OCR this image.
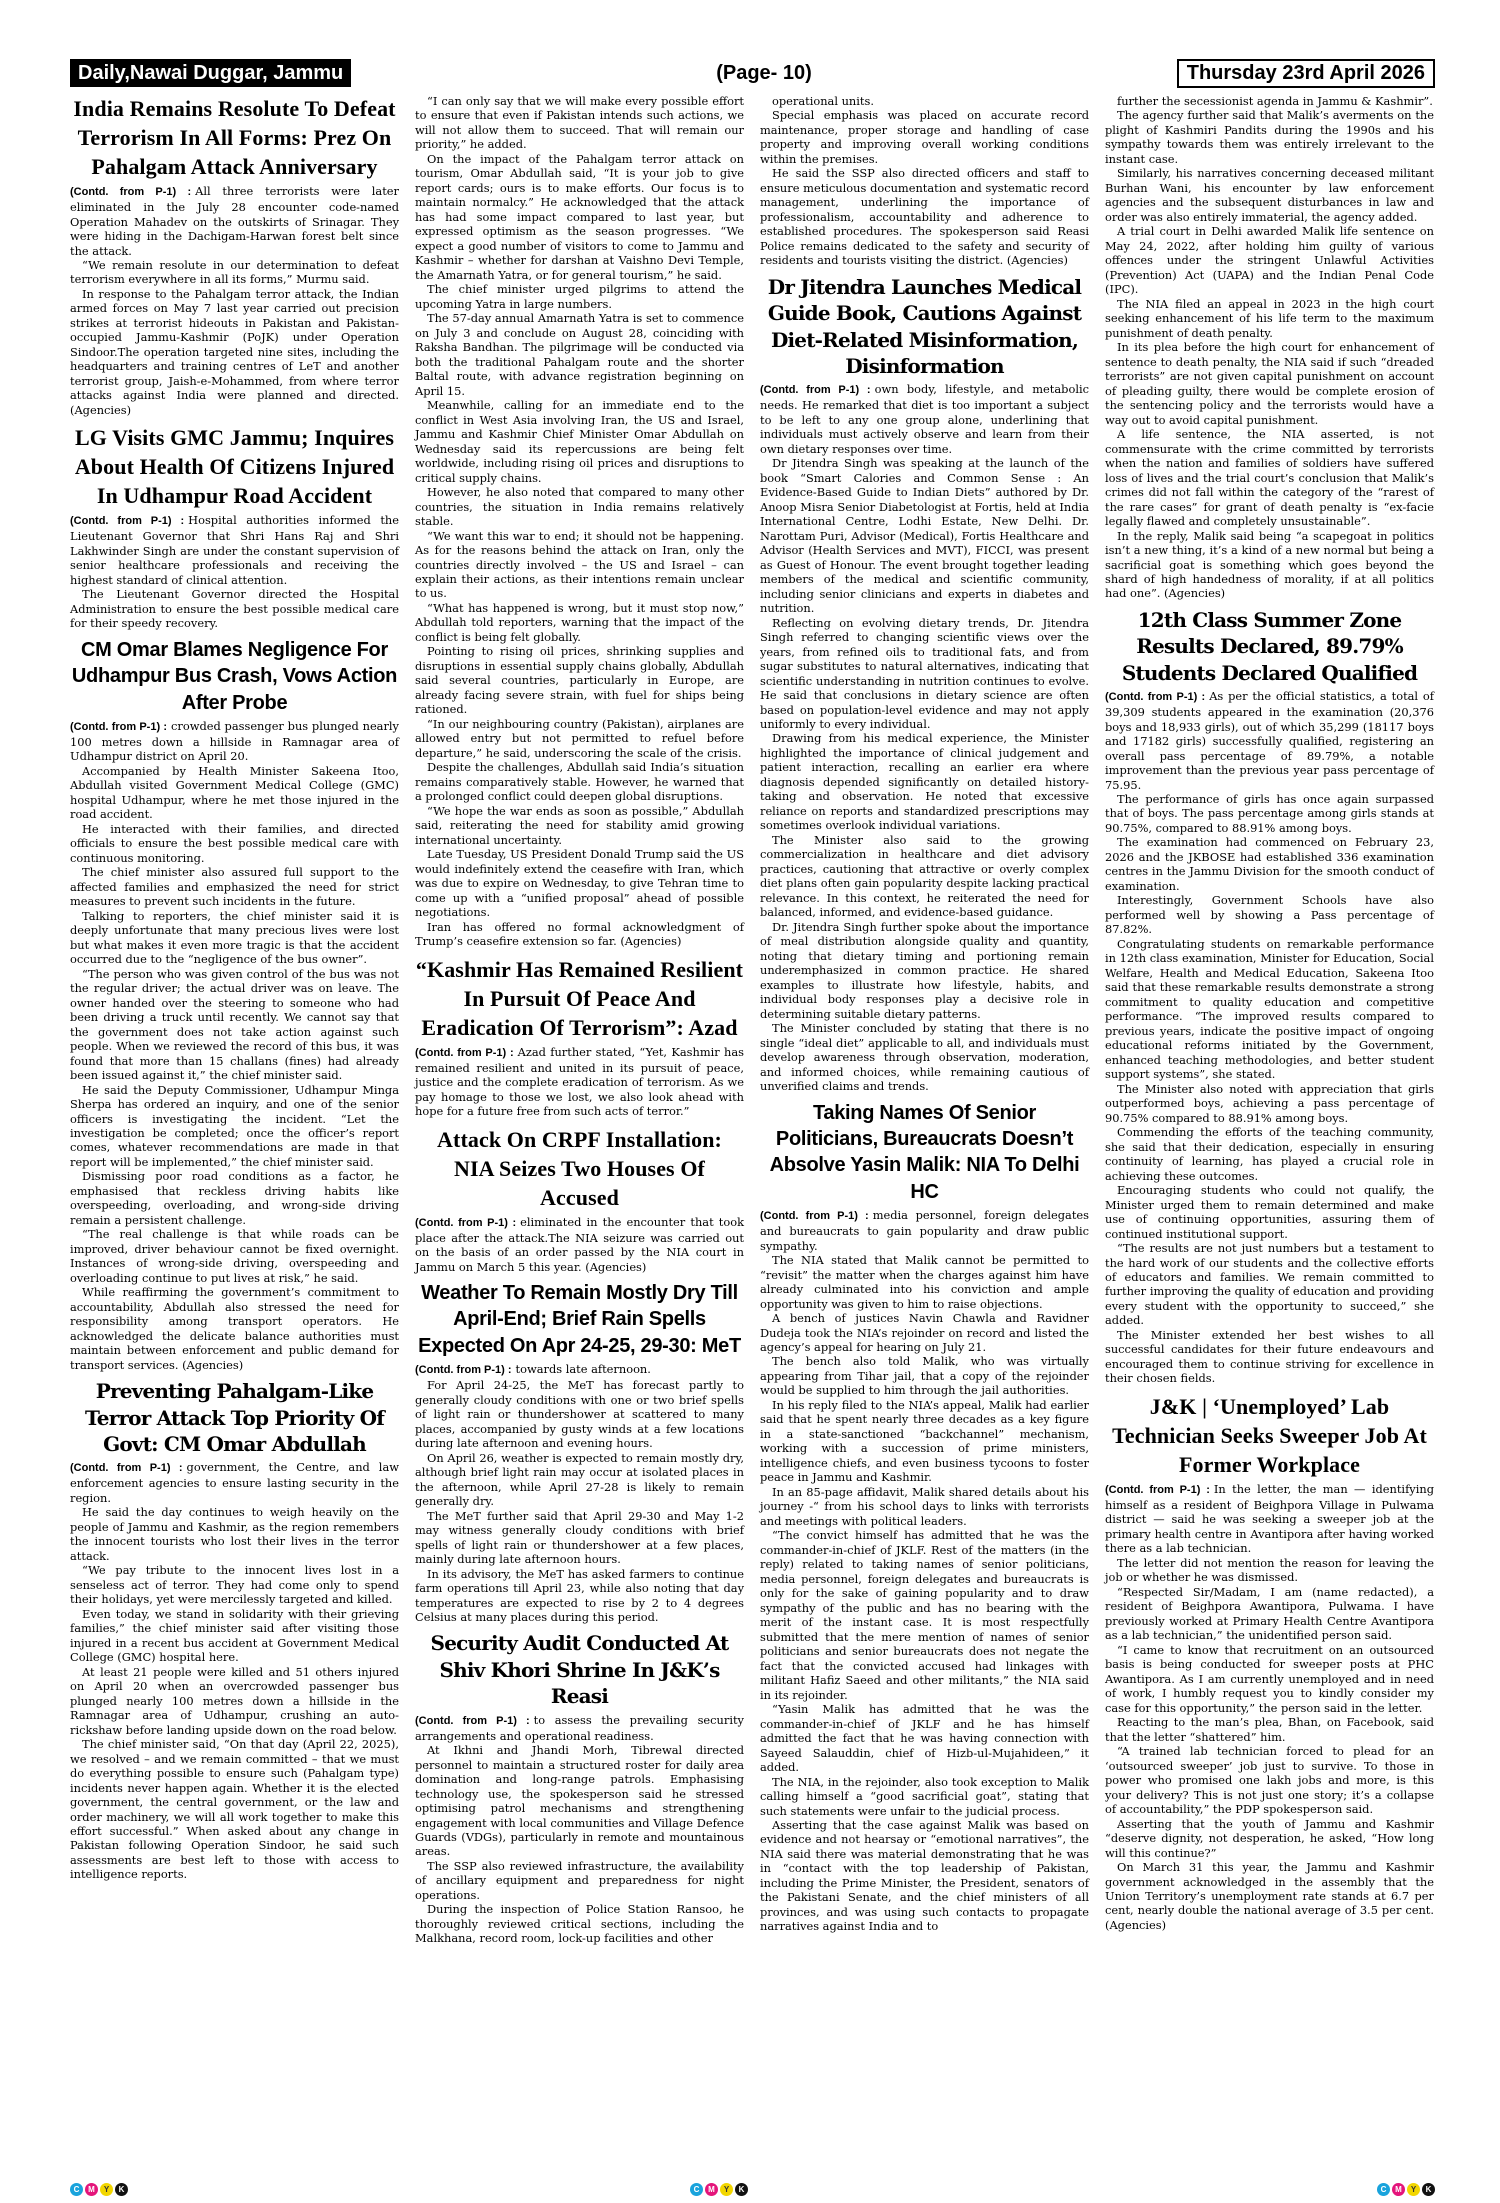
Daily,Nawai Duggar, Jammu	(Page- 10)	Thursday 23rd April 2026
India Remains Resolute To Defeat Terrorism In All Forms: Prez On Pahalgam Attack Anniversary

(Contd. from P-1) : All three terrorists were later eliminated in the July 28 encounter code-named Operation Mahadev on the outskirts of Srinagar. They were hiding in the Dachigam-Harwan forest belt since the attack.

“We remain resolute in our determination to defeat terrorism everywhere in all its forms,” Murmu said.

In response to the Pahalgam terror attack, the Indian armed forces on May 7 last year carried out precision strikes at terrorist hideouts in Pakistan and Pakistan-occupied Jammu-Kashmir (PoJK) under Operation Sindoor.The operation targeted nine sites, including the headquarters and training centres of LeT and another terrorist group, Jaish-e-Mohammed, from where terror attacks against India were planned and directed. (Agencies)

LG Visits GMC Jammu; Inquires About Health Of Citizens Injured In Udhampur Road Accident

(Contd. from P-1) : Hospital authorities informed the Lieutenant Governor that Shri Hans Raj and Shri Lakhwinder Singh are under the constant supervision of senior healthcare professionals and receiving the highest standard of clinical attention.

The Lieutenant Governor directed the Hospital Administration to ensure the best possible medical care for their speedy recovery.

CM Omar Blames Negligence For Udhampur Bus Crash, Vows Action After Probe

(Contd. from P-1) : crowded passenger bus plunged nearly 100 metres down a hillside in Ramnagar area of Udhampur district on April 20.

Accompanied by Health Minister Sakeena Itoo, Abdullah visited Government Medical College (GMC) hospital Udhampur, where he met those injured in the road accident.

He interacted with their families, and directed officials to ensure the best possible medical care with continuous monitoring.

The chief minister also assured full support to the affected families and emphasized the need for strict measures to prevent such incidents in the future.

Talking to reporters, the chief minister said it is deeply unfortunate that many precious lives were lost but what makes it even more tragic is that the accident occurred due to the “negligence of the bus owner”.

“The person who was given control of the bus was not the regular driver; the actual driver was on leave. The owner handed over the steering to someone who had been driving a truck until recently. We cannot say that the government does not take action against such people. When we reviewed the record of this bus, it was found that more than 15 challans (fines) had already been issued against it,” the chief minister said.

He said the Deputy Commissioner, Udhampur Minga Sherpa has ordered an inquiry, and one of the senior officers is investigating the incident. “Let the investigation be completed; once the officer’s report comes, whatever recommendations are made in that report will be implemented,” the chief minister said.

Dismissing poor road conditions as a factor, he emphasised that reckless driving habits like overspeeding, overloading, and wrong-side driving remain a persistent challenge.

“The real challenge is that while roads can be improved, driver behaviour cannot be fixed overnight. Instances of wrong-side driving, overspeeding and overloading continue to put lives at risk,” he said.

While reaffirming the government’s commitment to accountability, Abdullah also stressed the need for responsibility among transport operators. He acknowledged the delicate balance authorities must maintain between enforcement and public demand for transport services. (Agencies)

Preventing Pahalgam-Like Terror Attack Top Priority Of Govt: CM Omar Abdullah

(Contd. from P-1) : government, the Centre, and law enforcement agencies to ensure lasting security in the region.

He said the day continues to weigh heavily on the people of Jammu and Kashmir, as the region remembers the innocent tourists who lost their lives in the terror attack.

“We pay tribute to the innocent lives lost in a senseless act of terror. They had come only to spend their holidays, yet were mercilessly targeted and killed.

Even today, we stand in solidarity with their grieving families,” the chief minister said after visiting those injured in a recent bus accident at Government Medical College (GMC) hospital here.

At least 21 people were killed and 51 others injured on April 20 when an overcrowded passenger bus plunged nearly 100 metres down a hillside in the Ramnagar area of Udhampur, crushing an auto-rickshaw before landing upside down on the road below.

The chief minister said, “On that day (April 22, 2025), we resolved – and we remain committed – that we must do everything possible to ensure such (Pahalgam type) incidents never happen again. Whether it is the elected government, the central government, or the law and order machinery, we will all work together to make this effort successful.” When asked about any change in Pakistan following Operation Sindoor, he said such assessments are best left to those with access to intelligence reports.

“I can only say that we will make every possible effort to ensure that even if Pakistan intends such actions, we will not allow them to succeed. That will remain our priority,” he added.

On the impact of the Pahalgam terror attack on tourism, Omar Abdullah said, “It is your job to give report cards; ours is to make efforts. Our focus is to maintain normalcy.” He acknowledged that the attack has had some impact compared to last year, but expressed optimism as the season progresses. “We expect a good number of visitors to come to Jammu and Kashmir – whether for darshan at Vaishno Devi Temple, the Amarnath Yatra, or for general tourism,” he said.

The chief minister urged pilgrims to attend the upcoming Yatra in large numbers.

The 57-day annual Amarnath Yatra is set to commence on July 3 and conclude on August 28, coinciding with Raksha Bandhan. The pilgrimage will be conducted via both the traditional Pahalgam route and the shorter Baltal route, with advance registration beginning on April 15.

Meanwhile, calling for an immediate end to the conflict in West Asia involving Iran, the US and Israel, Jammu and Kashmir Chief Minister Omar Abdullah on Wednesday said its repercussions are being felt worldwide, including rising oil prices and disruptions to critical supply chains.

However, he also noted that compared to many other countries, the situation in India remains relatively stable.

“We want this war to end; it should not be happening. As for the reasons behind the attack on Iran, only the countries directly involved – the US and Israel – can explain their actions, as their intentions remain unclear to us.

“What has happened is wrong, but it must stop now,” Abdullah told reporters, warning that the impact of the conflict is being felt globally.

Pointing to rising oil prices, shrinking supplies and disruptions in essential supply chains globally, Abdullah said several countries, particularly in Europe, are already facing severe strain, with fuel for ships being rationed.

“In our neighbouring country (Pakistan), airplanes are allowed entry but not permitted to refuel before departure,” he said, underscoring the scale of the crisis.

Despite the challenges, Abdullah said India’s situation remains comparatively stable. However, he warned that a prolonged conflict could deepen global disruptions.

“We hope the war ends as soon as possible,” Abdullah said, reiterating the need for stability amid growing international uncertainty.

Late Tuesday, US President Donald Trump said the US would indefinitely extend the ceasefire with Iran, which was due to expire on Wednesday, to give Tehran time to come up with a “unified proposal” ahead of possible negotiations.

Iran has offered no formal acknowledgment of Trump’s ceasefire extension so far. (Agencies)

“Kashmir Has Remained Resilient In Pursuit Of Peace And Eradication Of Terrorism”: Azad

(Contd. from P-1) : Azad further stated, “Yet, Kashmir has remained resilient and united in its pursuit of peace, justice and the complete eradication of terrorism. As we pay homage to those we lost, we also look ahead with hope for a future free from such acts of terror.”

Attack On CRPF Installation: NIA Seizes Two Houses Of Accused

(Contd. from P-1) : eliminated in the encounter that took place after the attack.The NIA seizure was carried out on the basis of an order passed by the NIA court in Jammu on March 5 this year. (Agencies)

Weather To Remain Mostly Dry Till April-End; Brief Rain Spells Expected On Apr 24-25, 29-30: MeT

(Contd. from P-1) : towards late afternoon.

For April 24-25, the MeT has forecast partly to generally cloudy conditions with one or two brief spells of light rain or thundershower at scattered to many places, accompanied by gusty winds at a few locations during late afternoon and evening hours.

On April 26, weather is expected to remain mostly dry, although brief light rain may occur at isolated places in the afternoon, while April 27-28 is likely to remain generally dry.

The MeT further said that April 29-30 and May 1-2 may witness generally cloudy conditions with brief spells of light rain or thundershower at a few places, mainly during late afternoon hours.

In its advisory, the MeT has asked farmers to continue farm operations till April 23, while also noting that day temperatures are expected to rise by 2 to 4 degrees Celsius at many places during this period.

Security Audit Conducted At Shiv Khori Shrine In J&K’s Reasi

(Contd. from P-1) : to assess the prevailing security arrangements and operational readiness.

At Ikhni and Jhandi Morh, Tibrewal directed personnel to maintain a structured roster for daily area domination and long-range patrols. Emphasising technology use, the spokesperson said he stressed optimising patrol mechanisms and strengthening engagement with local communities and Village Defence Guards (VDGs), particularly in remote and mountainous areas.

The SSP also reviewed infrastructure, the availability of ancillary equipment and preparedness for night operations.

During the inspection of Police Station Ransoo, he thoroughly reviewed critical sections, including the Malkhana, record room, lock-up facilities and other

operational units.

Special emphasis was placed on accurate record maintenance, proper storage and handling of case property and improving overall working conditions within the premises.

He said the SSP also directed officers and staff to ensure meticulous documentation and systematic record management, underlining the importance of professionalism, accountability and adherence to established procedures. The spokesperson said Reasi Police remains dedicated to the safety and security of residents and tourists visiting the district. (Agencies)

Dr Jitendra Launches Medical Guide Book, Cautions Against Diet-Related Misinformation, Disinformation

(Contd. from P-1) : own body, lifestyle, and metabolic needs. He remarked that diet is too important a subject to be left to any one group alone, underlining that individuals must actively observe and learn from their own dietary responses over time.

Dr Jitendra Singh was speaking at the launch of the book “Smart Calories and Common Sense : An Evidence-Based Guide to Indian Diets” authored by Dr. Anoop Misra Senior Diabetologist at Fortis, held at India International Centre, Lodhi Estate, New Delhi. Dr. Narottam Puri, Advisor (Medical), Fortis Healthcare and Advisor (Health Services and MVT), FICCI, was present as Guest of Honour. The event brought together leading members of the medical and scientific community, including senior clinicians and experts in diabetes and nutrition.

Reflecting on evolving dietary trends, Dr. Jitendra Singh referred to changing scientific views over the years, from refined oils to traditional fats, and from sugar substitutes to natural alternatives, indicating that scientific understanding in nutrition continues to evolve. He said that conclusions in dietary science are often based on population-level evidence and may not apply uniformly to every individual.

Drawing from his medical experience, the Minister highlighted the importance of clinical judgement and patient interaction, recalling an earlier era where diagnosis depended significantly on detailed history-taking and observation. He noted that excessive reliance on reports and standardized prescriptions may sometimes overlook individual variations.

The Minister also said to the growing commercialization in healthcare and diet advisory practices, cautioning that attractive or overly complex diet plans often gain popularity despite lacking practical relevance. In this context, he reiterated the need for balanced, informed, and evidence-based guidance.

Dr. Jitendra Singh further spoke about the importance of meal distribution alongside quality and quantity, noting that dietary timing and portioning remain underemphasized in common practice. He shared examples to illustrate how lifestyle, habits, and individual body responses play a decisive role in determining suitable dietary patterns.

The Minister concluded by stating that there is no single “ideal diet” applicable to all, and individuals must develop awareness through observation, moderation, and informed choices, while remaining cautious of unverified claims and trends.

Taking Names Of Senior Politicians, Bureaucrats Doesn’t Absolve Yasin Malik: NIA To Delhi HC

(Contd. from P-1) : media personnel, foreign delegates and bureaucrats to gain popularity and draw public sympathy.

The NIA stated that Malik cannot be permitted to “revisit” the matter when the charges against him have already culminated into his conviction and ample opportunity was given to him to raise objections.

A bench of justices Navin Chawla and Ravidner Dudeja took the NIA’s rejoinder on record and listed the agency’s appeal for hearing on July 21.

The bench also told Malik, who was virtually appearing from Tihar jail, that a copy of the rejoinder would be supplied to him through the jail authorities.

In his reply filed to the NIA’s appeal, Malik had earlier said that he spent nearly three decades as a key figure in a state-sanctioned “backchannel” mechanism, working with a succession of prime ministers, intelligence chiefs, and even business tycoons to foster peace in Jammu and Kashmir.

In an 85-page affidavit, Malik shared details about his journey -“ from his school days to links with terrorists and meetings with political leaders.

“The convict himself has admitted that he was the commander-in-chief of JKLF. Rest of the matters (in the reply) related to taking names of senior politicians, media personnel, foreign delegates and bureaucrats is only for the sake of gaining popularity and to draw sympathy of the public and has no bearing with the merit of the instant case. It is most respectfully submitted that the mere mention of names of senior politicians and senior bureaucrats does not negate the fact that the convicted accused had linkages with militant Hafiz Saeed and other militants,” the NIA said in its rejoinder.

“Yasin Malik has admitted that he was the commander-in-chief of JKLF and he has himself admitted the fact that he was having connection with Sayeed Salauddin, chief of Hizb-ul-Mujahideen,” it added.

The NIA, in the rejoinder, also took exception to Malik calling himself a “good sacrificial goat”, stating that such statements were unfair to the judicial process.

Asserting that the case against Malik was based on evidence and not hearsay or “emotional narratives”, the NIA said there was material demonstrating that he was in “contact with the top leadership of Pakistan, including the Prime Minister, the President, senators of the Pakistani Senate, and the chief ministers of all provinces, and was using such contacts to propagate narratives against India and to

further the secessionist agenda in Jammu & Kashmir”.

The agency further said that Malik’s averments on the plight of Kashmiri Pandits during the 1990s and his sympathy towards them was entirely irrelevant to the instant case.

Similarly, his narratives concerning deceased militant Burhan Wani, his encounter by law enforcement agencies and the subsequent disturbances in law and order was also entirely immaterial, the agency added.

A trial court in Delhi awarded Malik life sentence on May 24, 2022, after holding him guilty of various offences under the stringent Unlawful Activities (Prevention) Act (UAPA) and the Indian Penal Code (IPC).

The NIA filed an appeal in 2023 in the high court seeking enhancement of his life term to the maximum punishment of death penalty.

In its plea before the high court for enhancement of sentence to death penalty, the NIA said if such “dreaded terrorists” are not given capital punishment on account of pleading guilty, there would be complete erosion of the sentencing policy and the terrorists would have a way out to avoid capital punishment.

A life sentence, the NIA asserted, is not commensurate with the crime committed by terrorists when the nation and families of soldiers have suffered loss of lives and the trial court’s conclusion that Malik’s crimes did not fall within the category of the “rarest of the rare cases” for grant of death penalty is “ex-facie legally flawed and completely unsustainable”.

In the reply, Malik said being “a scapegoat in politics isn’t a new thing, it’s a kind of a new normal but being a sacrificial goat is something which goes beyond the shard of high handedness of morality, if at all politics had one”. (Agencies)

12th Class Summer Zone Results Declared, 89.79% Students Declared Qualified

(Contd. from P-1) : As per the official statistics, a total of 39,309 students appeared in the examination (20,376 boys and 18,933 girls), out of which 35,299 (18117 boys and 17182 girls) successfully qualified, registering an overall pass percentage of 89.79%, a notable improvement than the previous year pass percentage of 75.95.

The performance of girls has once again surpassed that of boys. The pass percentage among girls stands at 90.75%, compared to 88.91% among boys.

The examination had commenced on February 23, 2026 and the JKBOSE had established 336 examination centres in the Jammu Division for the smooth conduct of examination.

Interestingly, Government Schools have also performed well by showing a Pass percentage of 87.82%.

Congratulating students on remarkable performance in 12th class examination, Minister for Education, Social Welfare, Health and Medical Education, Sakeena Itoo said that these remarkable results demonstrate a strong commitment to quality education and competitive performance. “The improved results compared to previous years, indicate the positive impact of ongoing educational reforms initiated by the Government, enhanced teaching methodologies, and better student support systems”, she stated.

The Minister also noted with appreciation that girls outperformed boys, achieving a pass percentage of 90.75% compared to 88.91% among boys.

Commending the efforts of the teaching community, she said that their dedication, especially in ensuring continuity of learning, has played a crucial role in achieving these outcomes.

Encouraging students who could not qualify, the Minister urged them to remain determined and make use of continuing opportunities, assuring them of continued institutional support.

“The results are not just numbers but a testament to the hard work of our students and the collective efforts of educators and families. We remain committed to further improving the quality of education and providing every student with the opportunity to succeed,” she added.

The Minister extended her best wishes to all successful candidates for their future endeavours and encouraged them to continue striving for excellence in their chosen fields.

J&K | ‘Unemployed’ Lab Technician Seeks Sweeper Job At Former Workplace

(Contd. from P-1) : In the letter, the man — identifying himself as a resident of Beighpora Village in Pulwama district — said he was seeking a sweeper job at the primary health centre in Avantipora after having worked there as a lab technician.

The letter did not mention the reason for leaving the job or whether he was dismissed.

“Respected Sir/Madam, I am (name redacted), a resident of Beighpora Awantipora, Pulwama. I have previously worked at Primary Health Centre Avantipora as a lab technician,” the unidentified person said.

“I came to know that recruitment on an outsourced basis is being conducted for sweeper posts at PHC Awantipora. As I am currently unemployed and in need of work, I humbly request you to kindly consider my case for this opportunity,” the person said in the letter.

Reacting to the man’s plea, Bhan, on Facebook, said that the letter “shattered” him.

“A trained lab technician forced to plead for an ‘outsourced sweeper’ job just to survive. To those in power who promised one lakh jobs and more, is this your delivery? This is not just one story; it’s a collapse of accountability,” the PDP spokesperson said.

Asserting that the youth of Jammu and Kashmir “deserve dignity, not desperation, he asked, “How long will this continue?”

On March 31 this year, the Jammu and Kashmir government acknowledged in the assembly that the Union Territory’s unemployment rate stands at 6.7 per cent, nearly double the national average of 3.5 per cent. (Agencies)

C	M	Y	K	C	M	Y	K	C	M	Y	K
